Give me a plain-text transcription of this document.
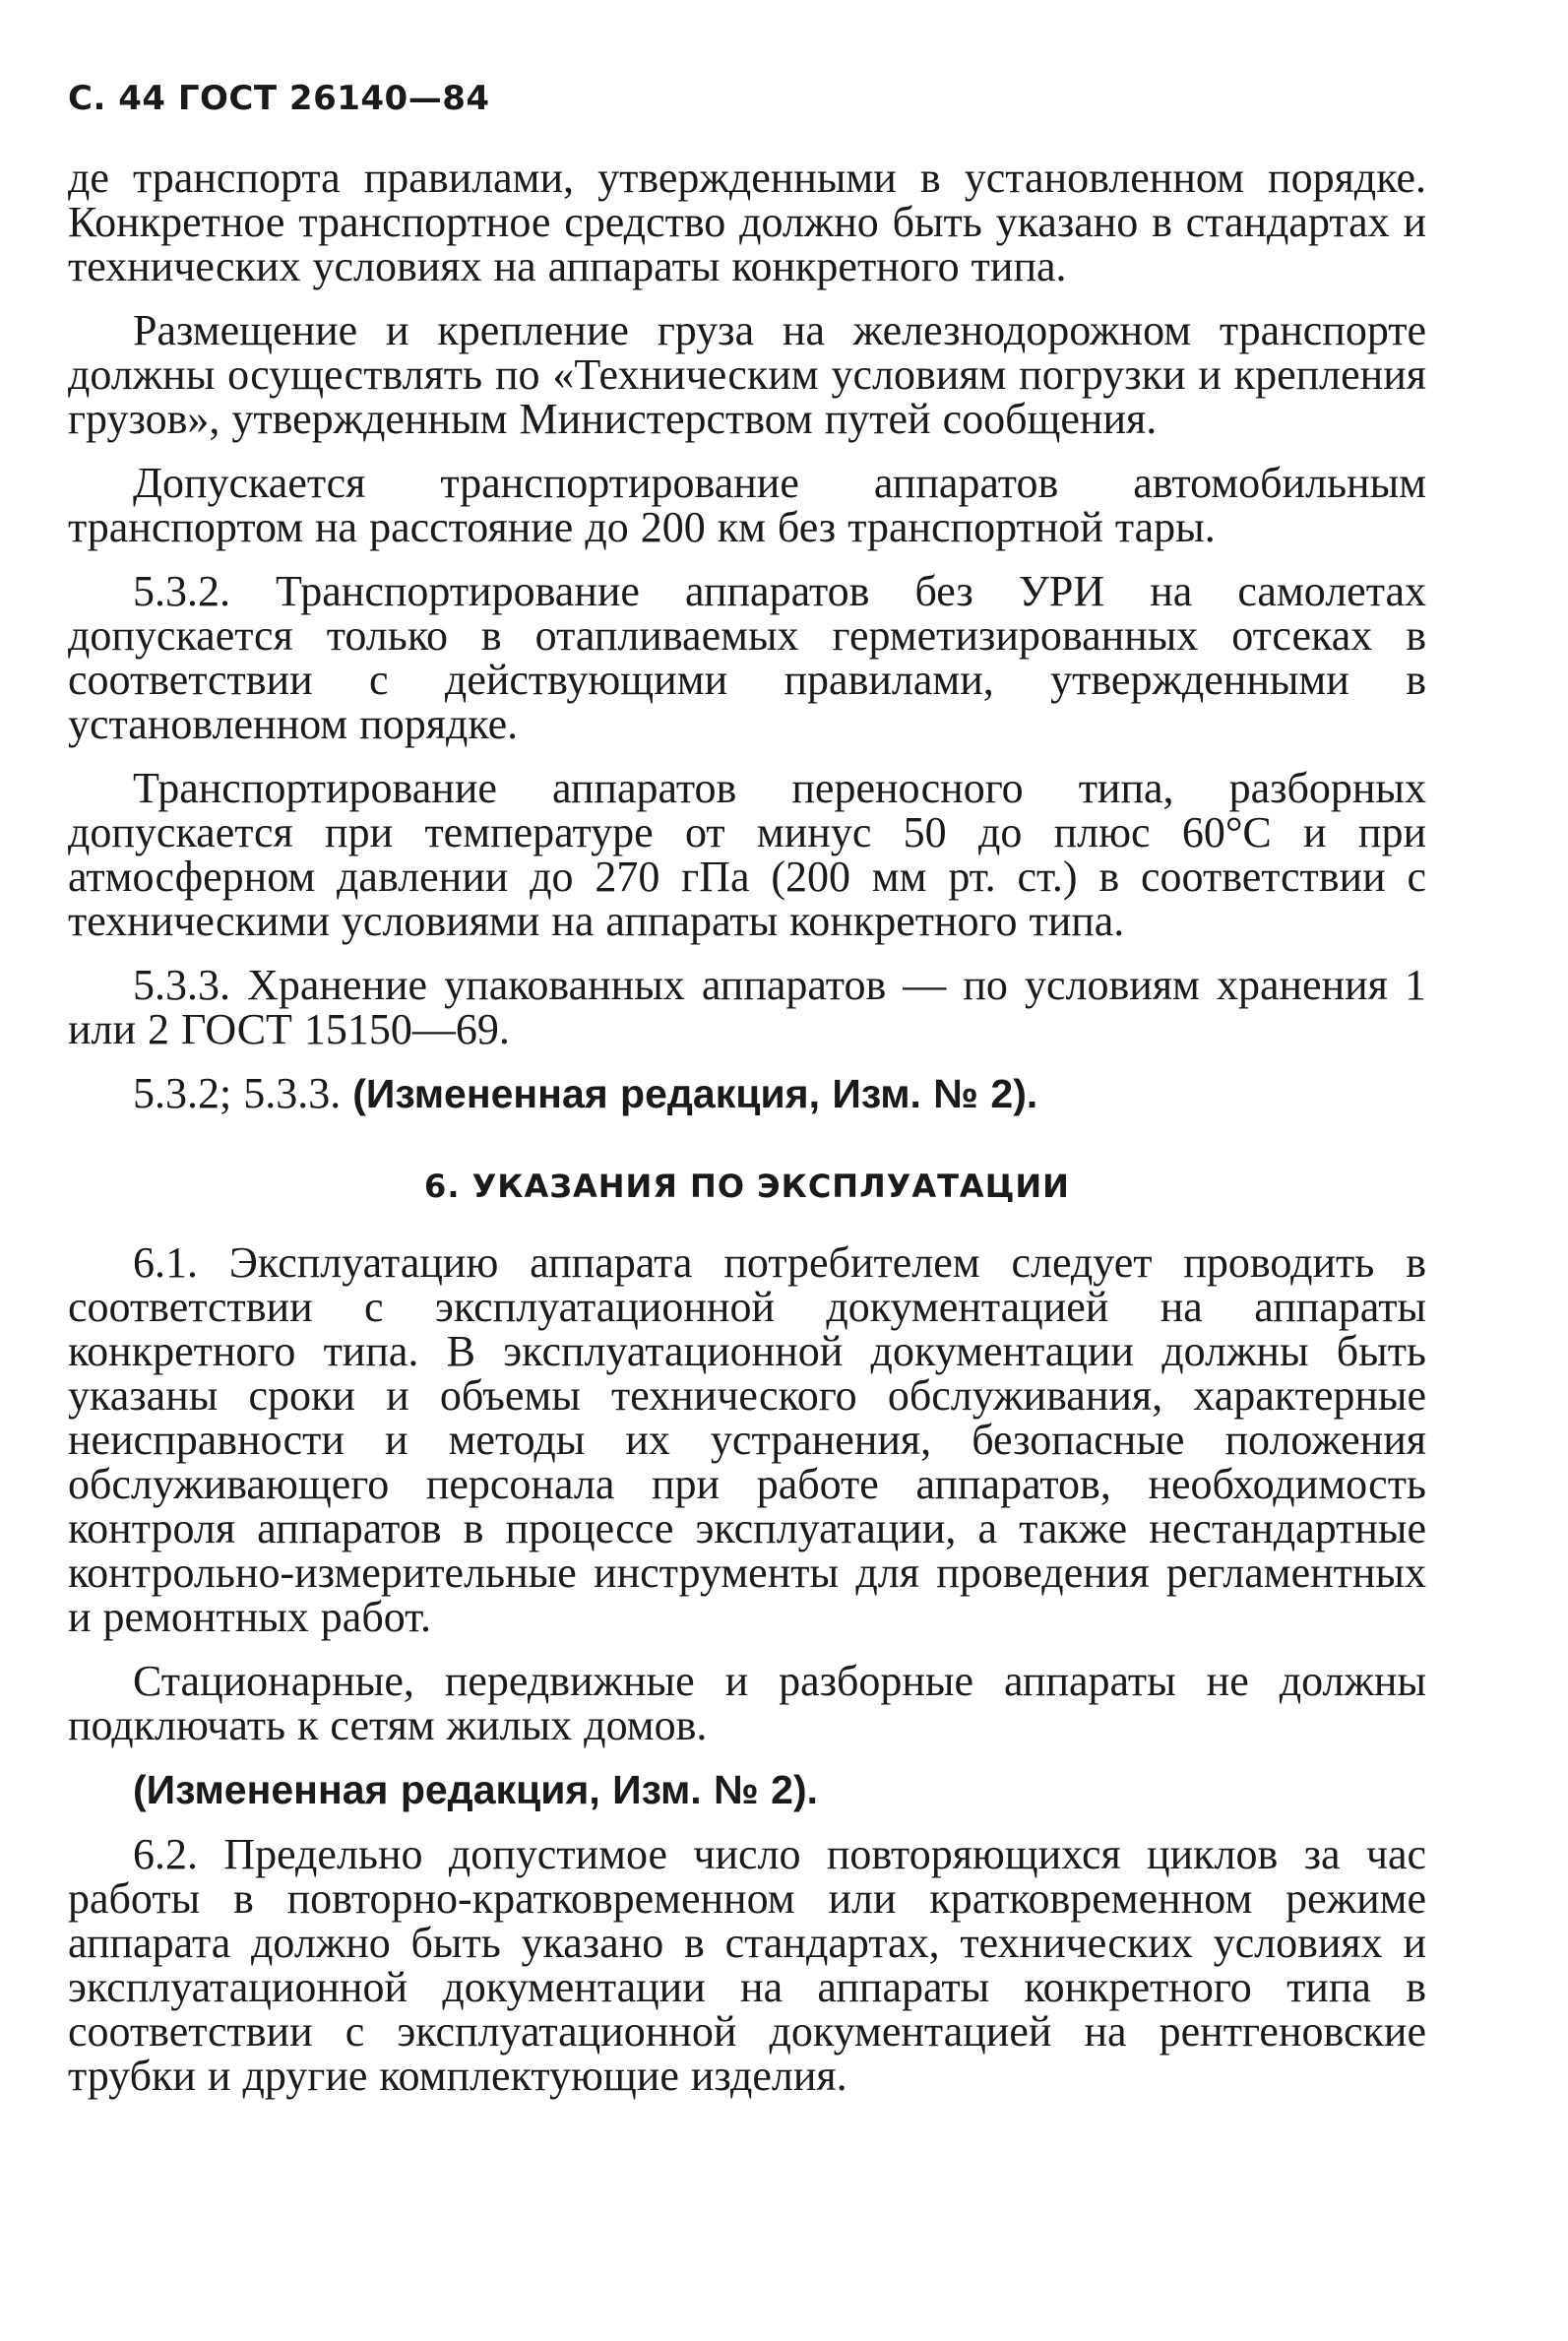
С. 44 ГОСТ 26140—84

де транспорта правилами, утвержденными в установленном порядке. Конкретное транспортное средство должно быть указано в стандартах и технических условиях на аппараты конкретного типа.

Размещение и крепление груза на железнодорожном транспорте должны осуществлять по «Техническим условиям погрузки и крепления грузов», утвержденным Министерством путей сообщения.

Допускается транспортирование аппаратов автомобильным транспортом на расстояние до 200 км без транспортной тары.

5.3.2. Транспортирование аппаратов без УРИ на самолетах допускается только в отапливаемых герметизированных отсеках в соответствии с действующими правилами, утвержденными в установленном порядке.

Транспортирование аппаратов переносного типа, разборных допускается при температуре от минус 50 до плюс 60°С и при атмосферном давлении до 270 гПа (200 мм рт. ст.) в соответствии с техническими условиями на аппараты конкретного типа.

5.3.3. Хранение упакованных аппаратов — по условиям хранения 1 или 2 ГОСТ 15150—69.

5.3.2; 5.3.3. (Измененная редакция, Изм. № 2).

6. УКАЗАНИЯ ПО ЭКСПЛУАТАЦИИ

6.1. Эксплуатацию аппарата потребителем следует проводить в соответствии с эксплуатационной документацией на аппараты конкретного типа. В эксплуатационной документации должны быть указаны сроки и объемы технического обслуживания, характерные неисправности и методы их устранения, безопасные положения обслуживающего персонала при работе аппаратов, необходимость контроля аппаратов в процессе эксплуатации, а также нестандартные контрольно-измерительные инструменты для проведения регламентных и ремонтных работ.

Стационарные, передвижные и разборные аппараты не должны подключать к сетям жилых домов.

(Измененная редакция, Изм. № 2).

6.2. Предельно допустимое число повторяющихся циклов за час работы в повторно-кратковременном или кратковременном режиме аппарата должно быть указано в стандартах, технических условиях и эксплуатационной документации на аппараты конкретного типа в соответствии с эксплуатационной документацией на рентгеновские трубки и другие комплектующие изделия.
